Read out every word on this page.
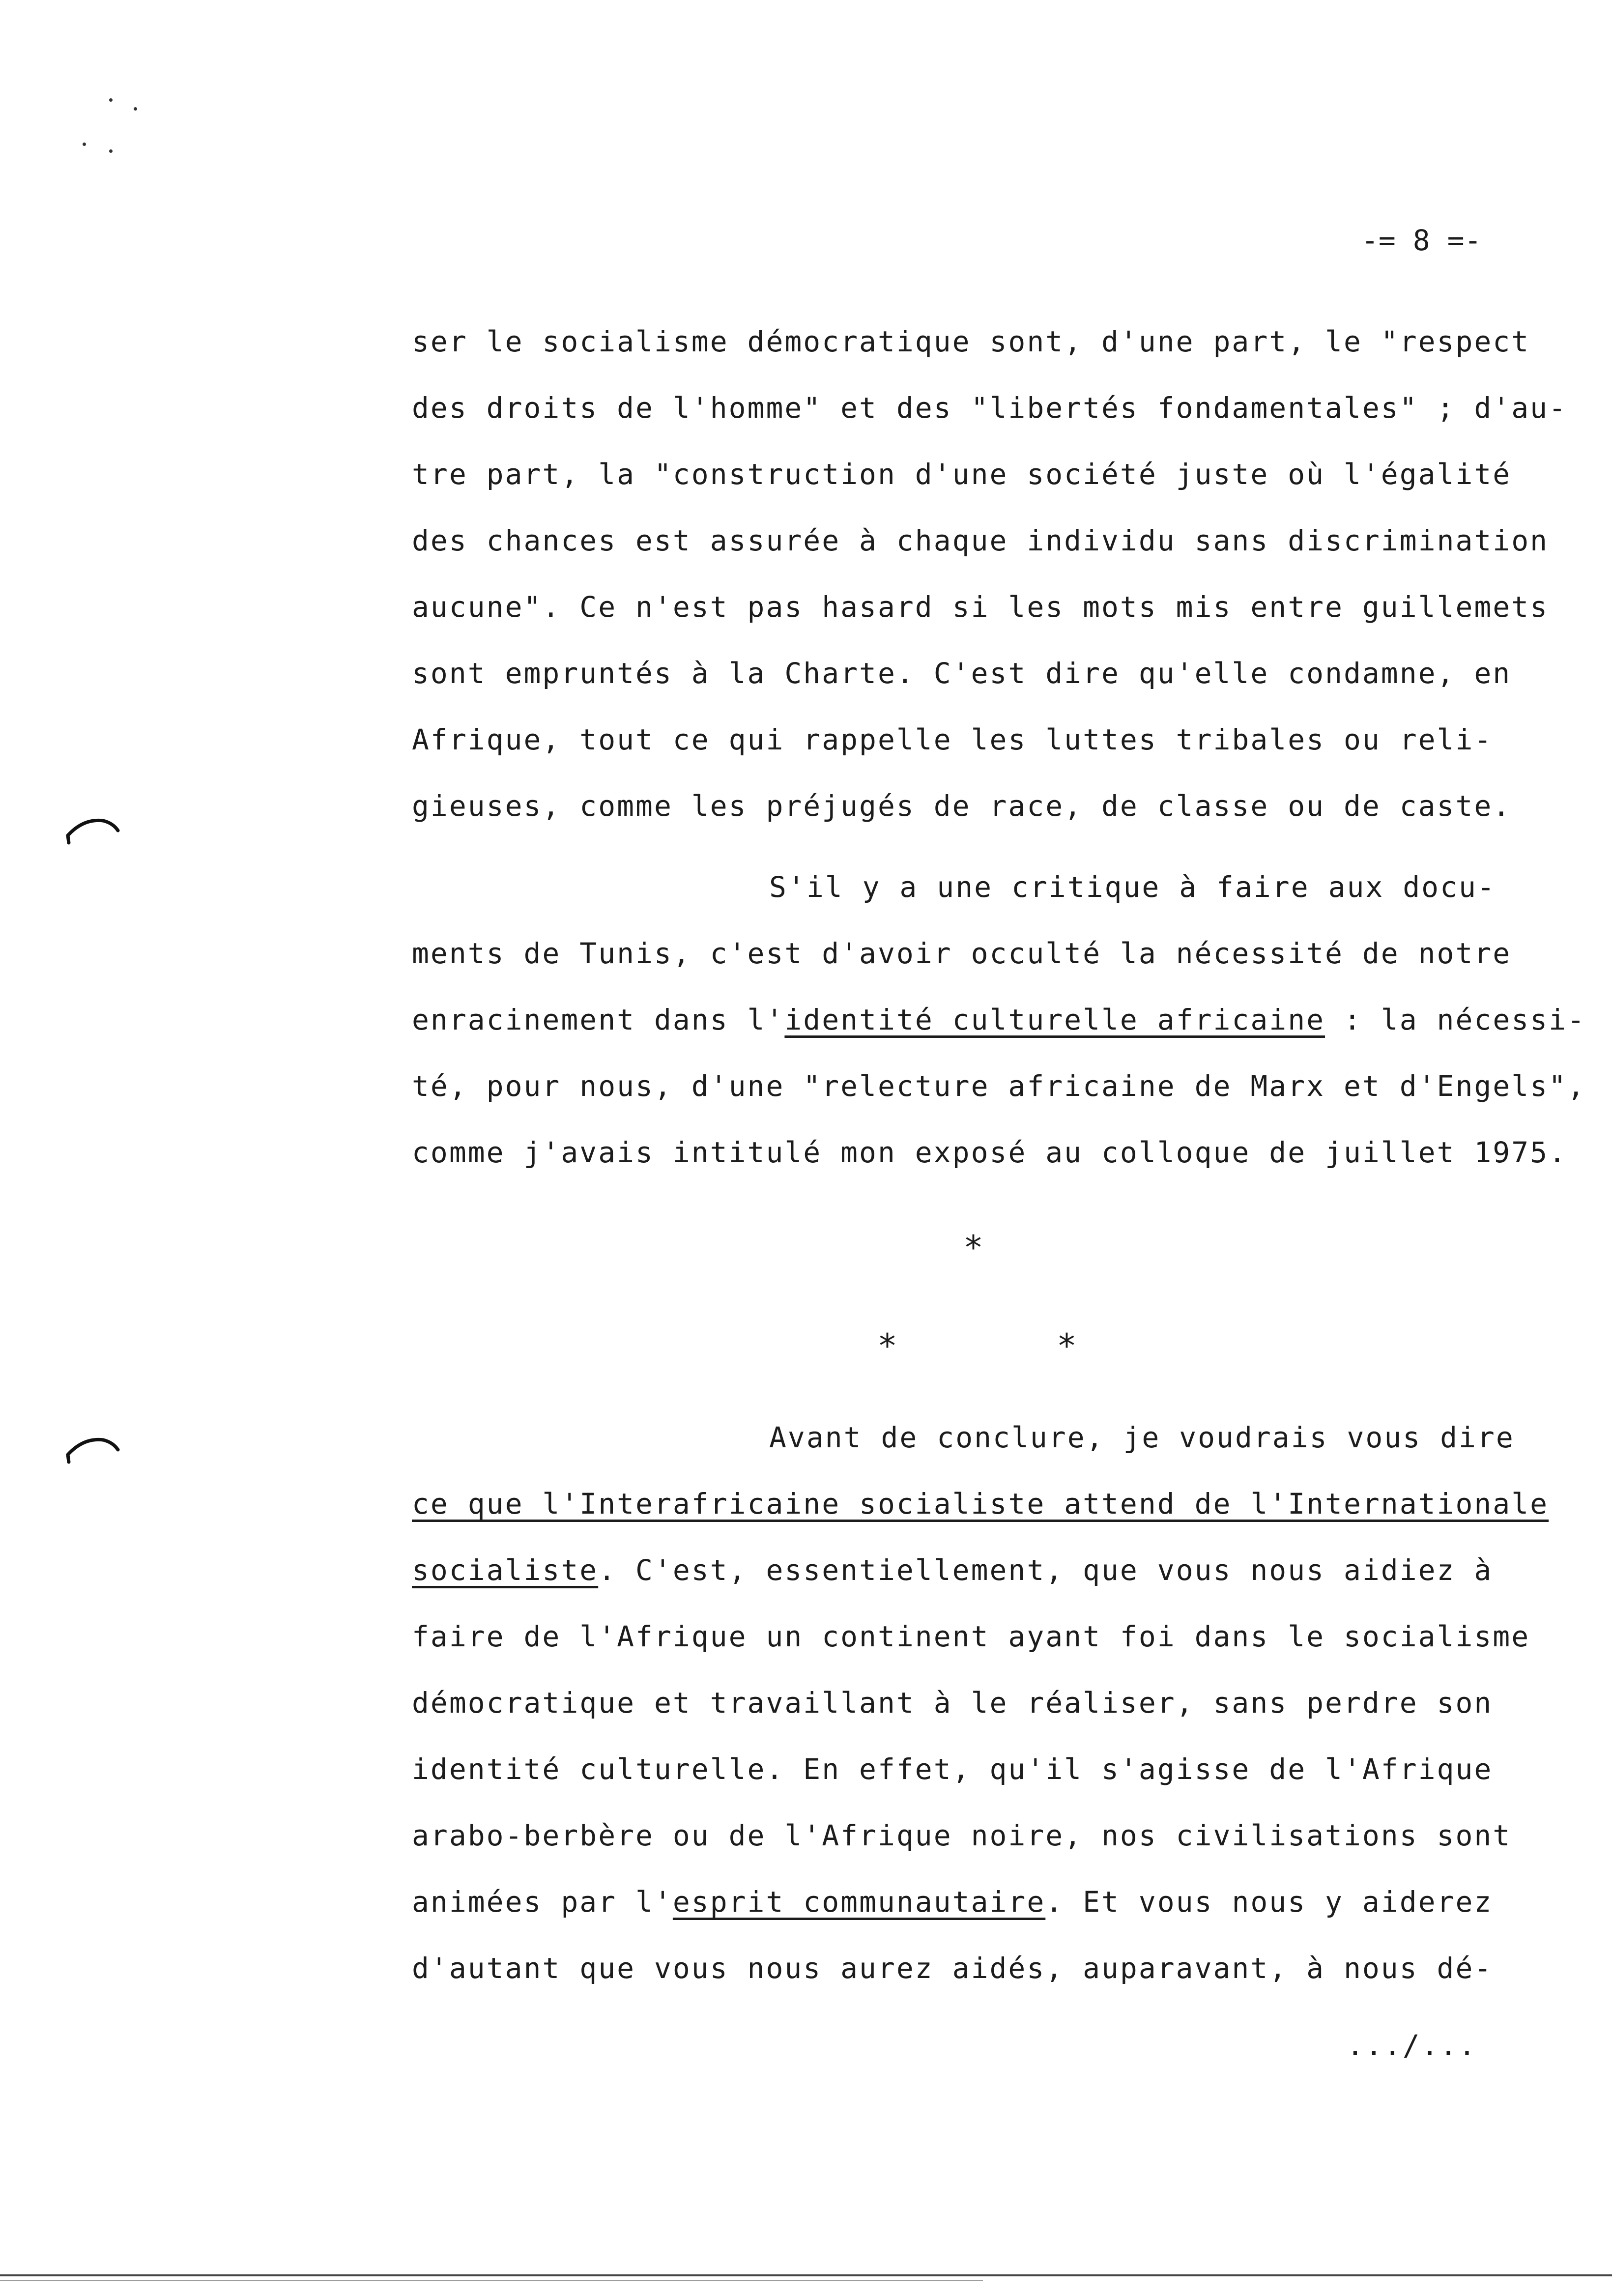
-= 8 =-
ser le socialisme démocratique sont, d'une part, le "respect
des droits de l'homme" et des "libertés fondamentales" ; d'au-
tre part, la "construction d'une société juste où l'égalité
des chances est assurée à chaque individu sans discrimination
aucune". Ce n'est pas hasard si les mots mis entre guillemets
sont empruntés à la Charte. C'est dire qu'elle condamne, en
Afrique, tout ce qui rappelle les luttes tribales ou reli-
gieuses, comme les préjugés de race, de classe ou de caste.
S'il y a une critique à faire aux docu-
ments de Tunis, c'est d'avoir occulté la nécessité de notre
enracinement dans l'identité culturelle africaine : la nécessi-
té, pour nous, d'une "relecture africaine de Marx et d'Engels",
comme j'avais intitulé mon exposé au colloque de juillet 1975.
*
*	*
Avant de conclure, je voudrais vous dire
ce que l'Interafricaine socialiste attend de l'Internationale
socialiste. C'est, essentiellement, que vous nous aidiez à
faire de l'Afrique un continent ayant foi dans le socialisme
démocratique et travaillant à le réaliser, sans perdre son
identité culturelle. En effet, qu'il s'agisse de l'Afrique
arabo-berbère ou de l'Afrique noire, nos civilisations sont
animées par l'esprit communautaire. Et vous nous y aiderez
d'autant que vous nous aurez aidés, auparavant, à nous dé-
.../...
